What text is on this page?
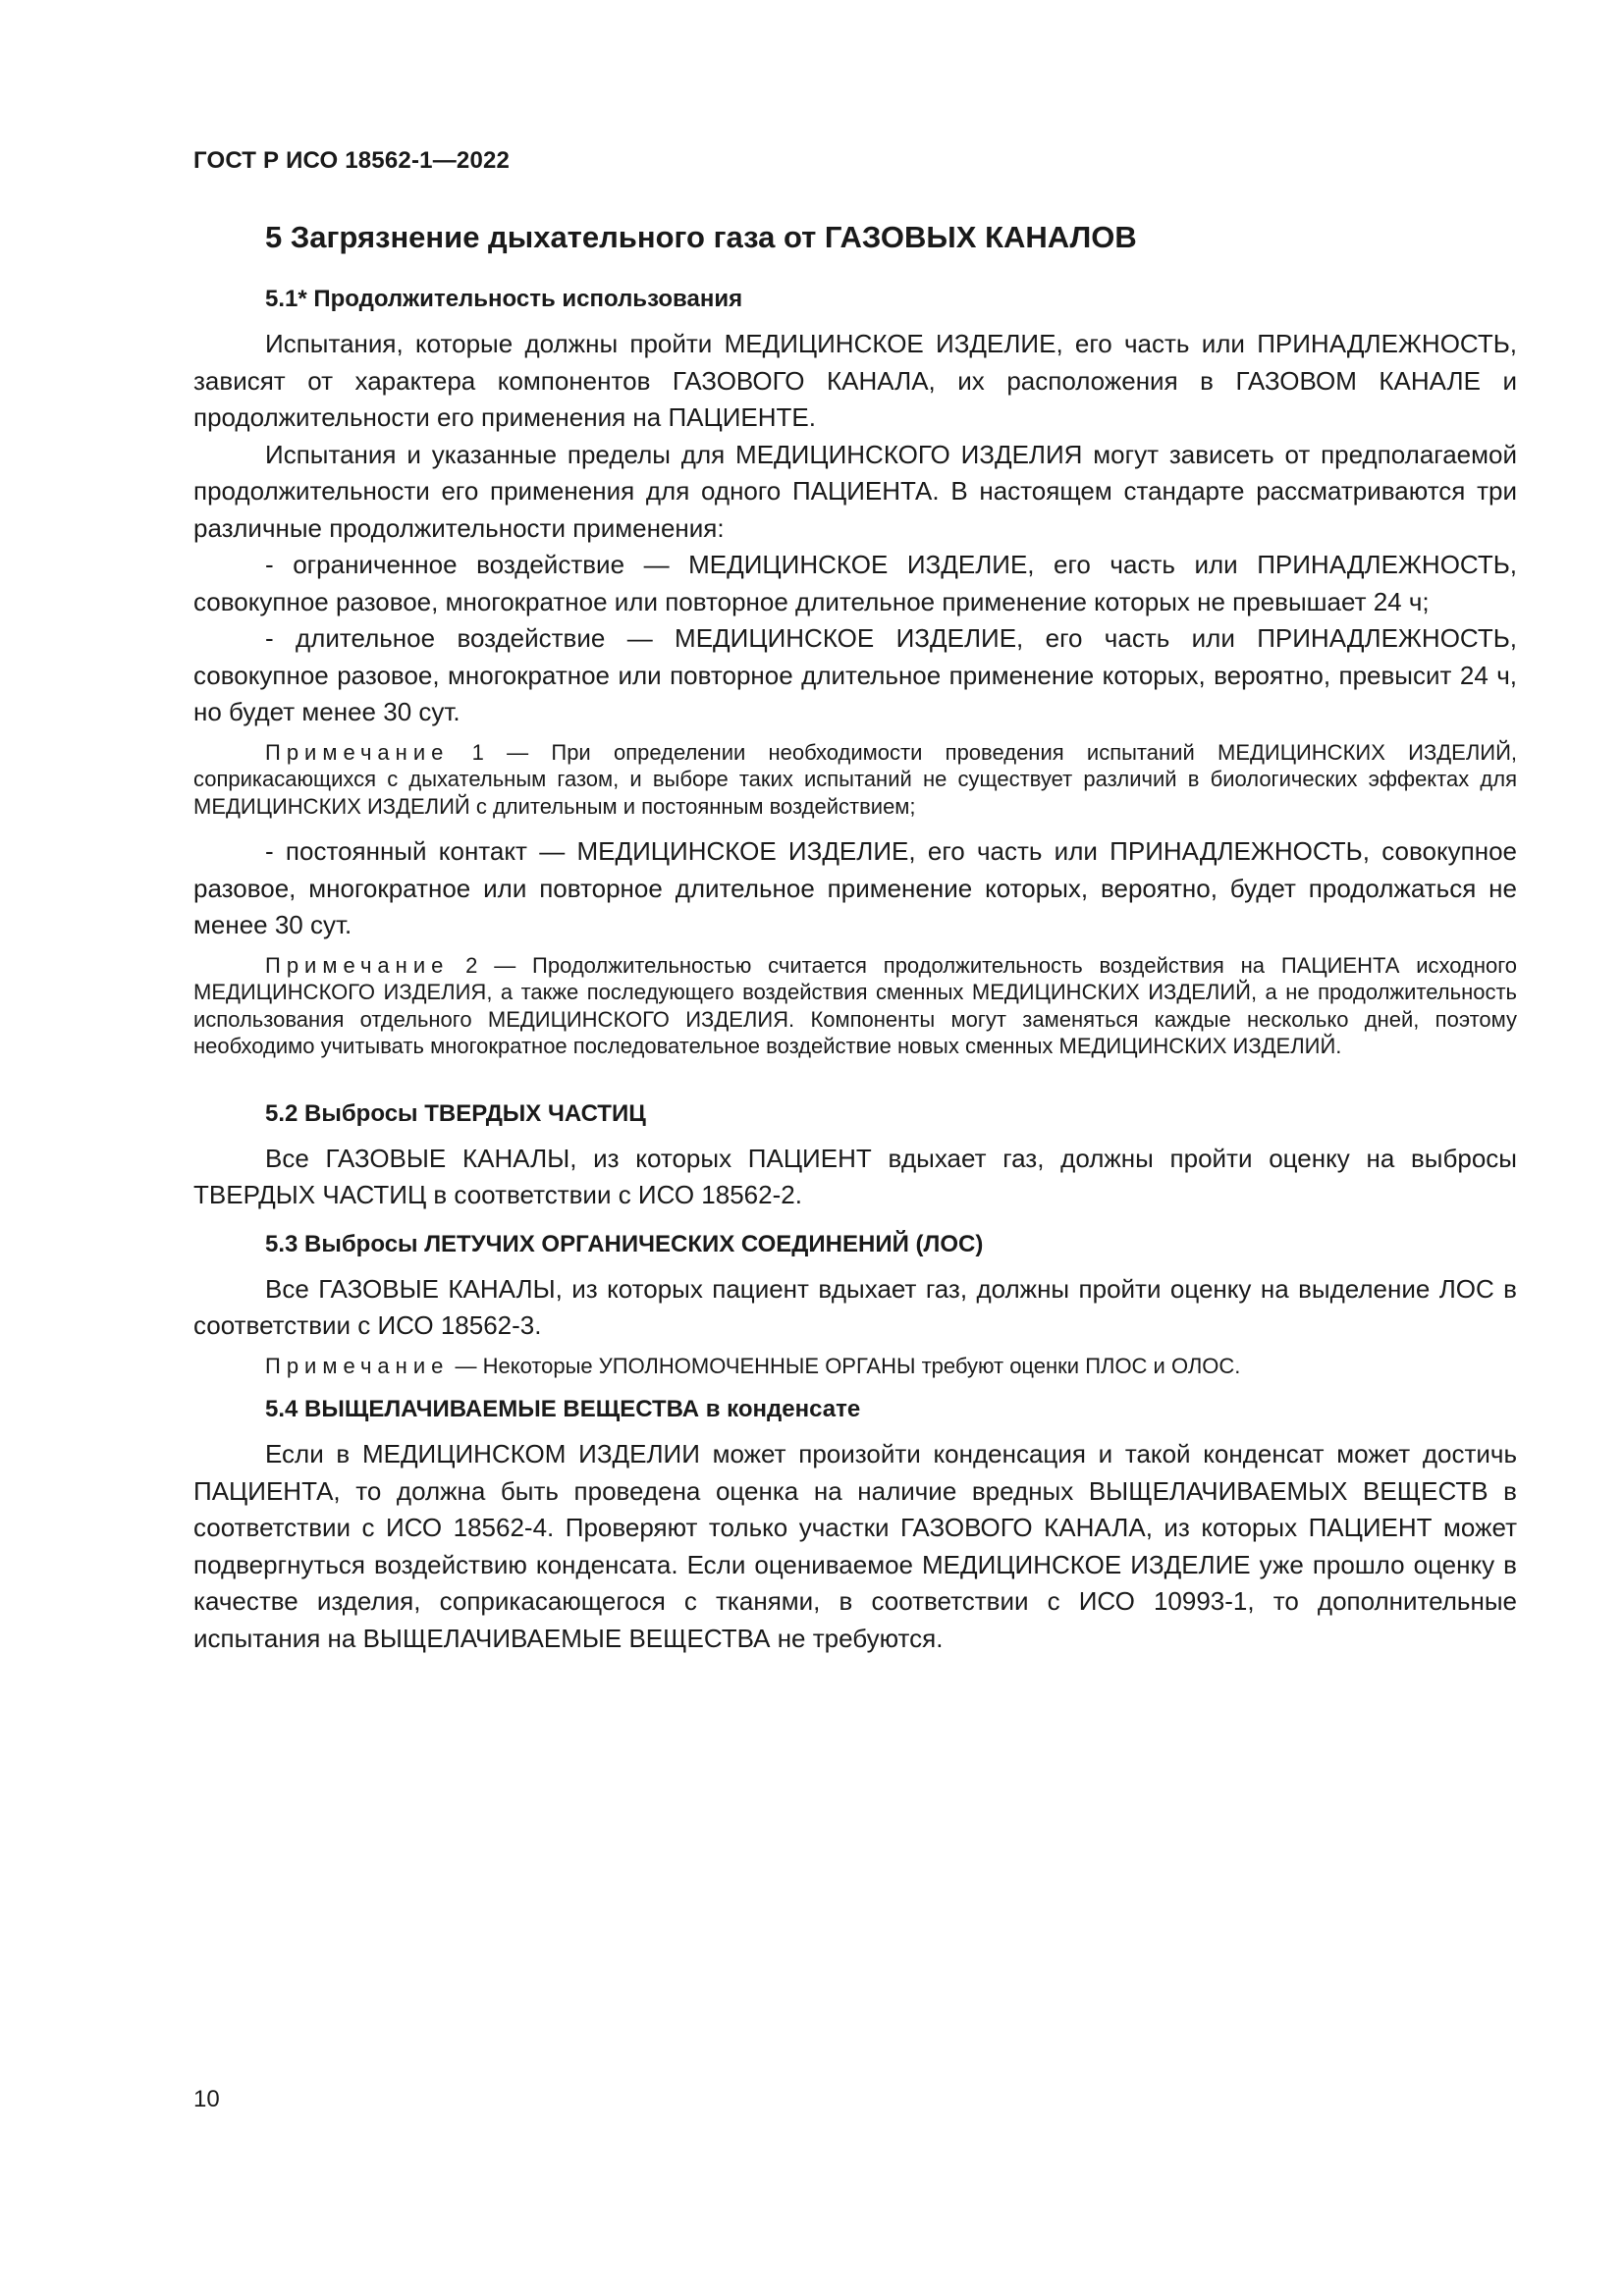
ГОСТ Р ИСО 18562-1—2022
5 Загрязнение дыхательного газа от ГАЗОВЫХ КАНАЛОВ
5.1* Продолжительность использования

Испытания, которые должны пройти МЕДИЦИНСКОЕ ИЗДЕЛИЕ, его часть или ПРИНАДЛЕЖНОСТЬ, зависят от характера компонентов ГАЗОВОГО КАНАЛА, их расположения в ГАЗОВОМ КАНАЛЕ и продолжительности его применения на ПАЦИЕНТЕ.

Испытания и указанные пределы для МЕДИЦИНСКОГО ИЗДЕЛИЯ могут зависеть от предполагаемой продолжительности его применения для одного ПАЦИЕНТА. В настоящем стандарте рассматриваются три различные продолжительности применения:

- ограниченное воздействие — МЕДИЦИНСКОЕ ИЗДЕЛИЕ, его часть или ПРИНАДЛЕЖНОСТЬ, совокупное разовое, многократное или повторное длительное применение которых не превышает 24 ч;

- длительное воздействие — МЕДИЦИНСКОЕ ИЗДЕЛИЕ, его часть или ПРИНАДЛЕЖНОСТЬ, совокупное разовое, многократное или повторное длительное применение которых, вероятно, превысит 24 ч, но будет менее 30 сут.

Примечание 1 — При определении необходимости проведения испытаний МЕДИЦИНСКИХ ИЗДЕЛИЙ, соприкасающихся с дыхательным газом, и выборе таких испытаний не существует различий в биологических эффектах для МЕДИЦИНСКИХ ИЗДЕЛИЙ с длительным и постоянным воздействием;

- постоянный контакт — МЕДИЦИНСКОЕ ИЗДЕЛИЕ, его часть или ПРИНАДЛЕЖНОСТЬ, совокупное разовое, многократное или повторное длительное применение которых, вероятно, будет продолжаться не менее 30 сут.

Примечание 2 — Продолжительностью считается продолжительность воздействия на ПАЦИЕНТА исходного МЕДИЦИНСКОГО ИЗДЕЛИЯ, а также последующего воздействия сменных МЕДИЦИНСКИХ ИЗДЕЛИЙ, а не продолжительность использования отдельного МЕДИЦИНСКОГО ИЗДЕЛИЯ. Компоненты могут заменяться каждые несколько дней, поэтому необходимо учитывать многократное последовательное воздействие новых сменных МЕДИЦИНСКИХ ИЗДЕЛИЙ.

5.2 Выбросы ТВЕРДЫХ ЧАСТИЦ

Все ГАЗОВЫЕ КАНАЛЫ, из которых ПАЦИЕНТ вдыхает газ, должны пройти оценку на выбросы ТВЕРДЫХ ЧАСТИЦ в соответствии с ИСО 18562-2.

5.3 Выбросы ЛЕТУЧИХ ОРГАНИЧЕСКИХ СОЕДИНЕНИЙ (ЛОС)

Все ГАЗОВЫЕ КАНАЛЫ, из которых пациент вдыхает газ, должны пройти оценку на выделение ЛОС в соответствии с ИСО 18562-3.

Примечание — Некоторые УПОЛНОМОЧЕННЫЕ ОРГАНЫ требуют оценки ПЛОС и ОЛОС.

5.4 ВЫЩЕЛАЧИВАЕМЫЕ ВЕЩЕСТВА в конденсате

Если в МЕДИЦИНСКОМ ИЗДЕЛИИ может произойти конденсация и такой конденсат может достичь ПАЦИЕНТА, то должна быть проведена оценка на наличие вредных ВЫЩЕЛАЧИВАЕМЫХ ВЕЩЕСТВ в соответствии с ИСО 18562-4. Проверяют только участки ГАЗОВОГО КАНАЛА, из которых ПАЦИЕНТ может подвергнуться воздействию конденсата. Если оцениваемое МЕДИЦИНСКОЕ ИЗДЕЛИЕ уже прошло оценку в качестве изделия, соприкасающегося с тканями, в соответствии с ИСО 10993-1, то дополнительные испытания на ВЫЩЕЛАЧИВАЕМЫЕ ВЕЩЕСТВА не требуются.

10
